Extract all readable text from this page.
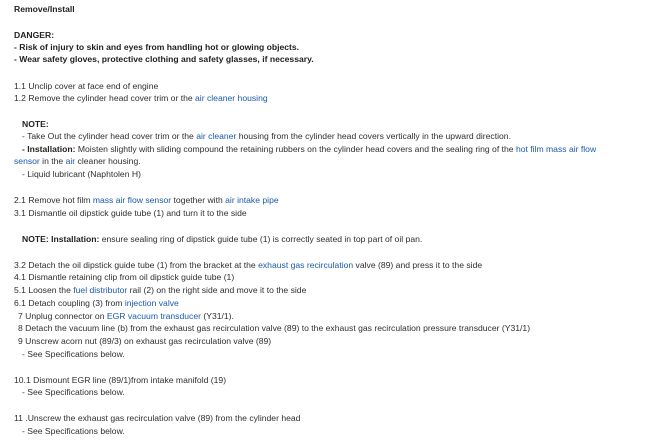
Remove/Install
DANGER:
- Risk of injury to skin and eyes from handling hot or glowing objects.
- Wear safety gloves, protective clothing and safety glasses, if necessary.
1.1 Unclip cover at face end of engine
1.2 Remove the cylinder head cover trim or the air cleaner housing
NOTE:
- Take Out the cylinder head cover trim or the air cleaner housing from the cylinder head covers vertically in the upward direction.
- Installation: Moisten slightly with sliding compound the retaining rubbers on the cylinder head covers and the sealing ring of the hot film mass air flow
sensor in the air cleaner housing.
- Liquid lubricant (Naphtolen H)
2.1 Remove hot film mass air flow sensor together with air intake pipe
3.1 Dismantle oil dipstick guide tube (1) and turn it to the side
NOTE: Installation: ensure sealing ring of dipstick guide tube (1) is correctly seated in top part of oil pan.
3.2 Detach the oil dipstick guide tube (1) from the bracket at the exhaust gas recirculation valve (89) and press it to the side
4.1 Dismantle retaining clip from oil dipstick guide tube (1)
5.1 Loosen the fuel distributor rail (2) on the right side and move it to the side
6.1 Detach coupling (3) from injection valve
7 Unplug connector on EGR vacuum transducer (Y31/1).
8 Detach the vacuum line (b) from the exhaust gas recirculation valve (89) to the exhaust gas recirculation pressure transducer (Y31/1)
9 Unscrew acorn nut (89/3) on exhaust gas recirculation valve (89)
- See Specifications below.
10.1 Dismount EGR line (89/1)from intake manifold (19)
- See Specifications below.
11 .Unscrew the exhaust gas recirculation valve (89) from the cylinder head
- See Specifications below.
